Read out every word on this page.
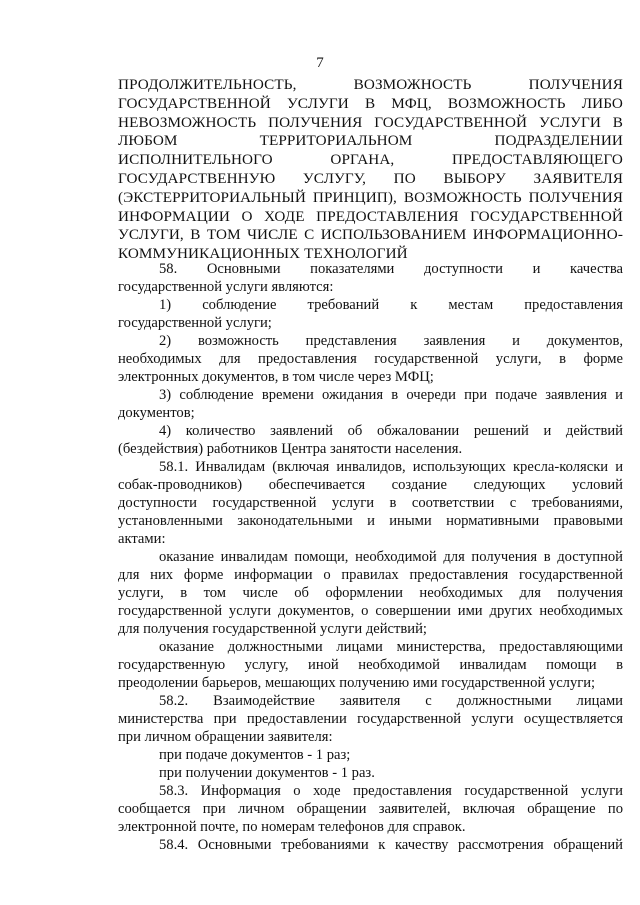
7
ПРОДОЛЖИТЕЛЬНОСТЬ, ВОЗМОЖНОСТЬ ПОЛУЧЕНИЯ
ГОСУДАРСТВЕННОЙ УСЛУГИ В МФЦ, ВОЗМОЖНОСТЬ ЛИБО
НЕВОЗМОЖНОСТЬ ПОЛУЧЕНИЯ ГОСУДАРСТВЕННОЙ УСЛУГИ В
ЛЮБОМ ТЕРРИТОРИАЛЬНОМ ПОДРАЗДЕЛЕНИИ
ИСПОЛНИТЕЛЬНОГО ОРГАНА, ПРЕДОСТАВЛЯЮЩЕГО
ГОСУДАРСТВЕННУЮ УСЛУГУ, ПО ВЫБОРУ ЗАЯВИТЕЛЯ
(ЭКСТЕРРИТОРИАЛЬНЫЙ ПРИНЦИП), ВОЗМОЖНОСТЬ ПОЛУЧЕНИЯ
ИНФОРМАЦИИ О ХОДЕ ПРЕДОСТАВЛЕНИЯ ГОСУДАРСТВЕННОЙ
УСЛУГИ, В ТОМ ЧИСЛЕ С ИСПОЛЬЗОВАНИЕМ ИНФОРМАЦИОННО-
КОММУНИКАЦИОННЫХ ТЕХНОЛОГИЙ
58. Основными показателями доступности и качества
государственной услуги являются:
1) соблюдение требований к местам предоставления
государственной услуги;
2) возможность представления заявления и документов,
необходимых для предоставления государственной услуги, в форме
электронных документов, в том числе через МФЦ;
3) соблюдение времени ожидания в очереди при подаче заявления и
документов;
4) количество заявлений об обжаловании решений и действий
(бездействия) работников Центра занятости населения.
58.1. Инвалидам (включая инвалидов, использующих кресла-коляски и
собак-проводников) обеспечивается создание следующих условий
доступности государственной услуги в соответствии с требованиями,
установленными законодательными и иными нормативными правовыми
актами:
оказание инвалидам помощи, необходимой для получения в доступной
для них форме информации о правилах предоставления государственной
услуги, в том числе об оформлении необходимых для получения
государственной услуги документов, о совершении ими других необходимых
для получения государственной услуги действий;
оказание должностными лицами министерства, предоставляющими
государственную услугу, иной необходимой инвалидам помощи в
преодолении барьеров, мешающих получению ими государственной услуги;
58.2. Взаимодействие заявителя с должностными лицами
министерства при предоставлении государственной услуги осуществляется
при личном обращении заявителя:
при подаче документов - 1 раз;
при получении документов - 1 раз.
58.3. Информация о ходе предоставления государственной услуги
сообщается при личном обращении заявителей, включая обращение по
электронной почте, по номерам телефонов для справок.
58.4. Основными требованиями к качеству рассмотрения обращений
